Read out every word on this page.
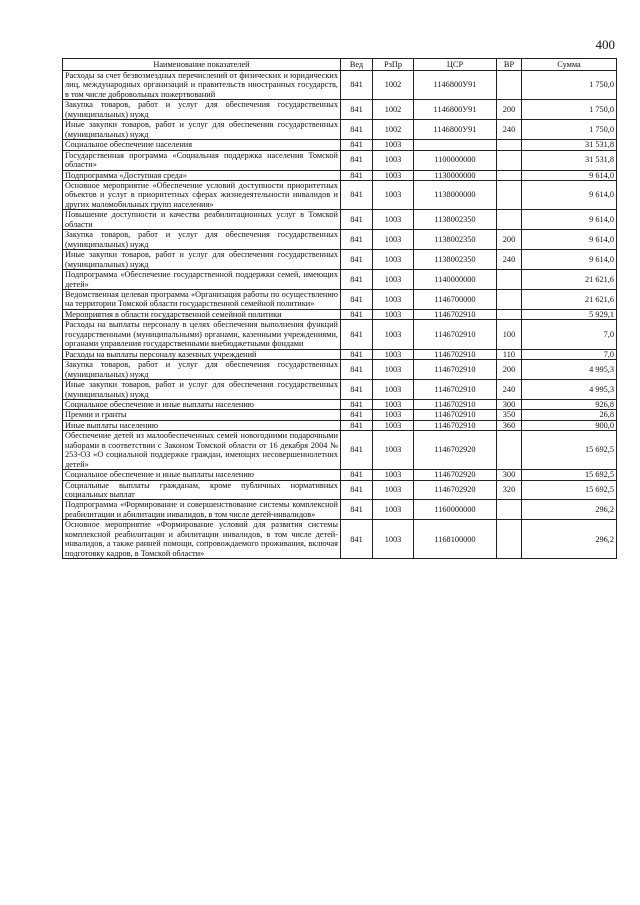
400
Наименование показателей	Вед	РзПр	ЦСР	ВР	Сумма
Расходы за счет безвозмездных перечислений от физических и юридических лиц, международных организаций и правительств иностранных государств, в том числе добровольных пожертвований	841	1002	1146800У91		1 750,0
Закупка товаров, работ и услуг для обеспечения государственных (муниципальных) нужд	841	1002	1146800У91	200	1 750,0
Иные закупки товаров, работ и услуг для обеспечения государственных (муниципальных) нужд	841	1002	1146800У91	240	1 750,0
Социальное обеспечение населения	841	1003			31 531,8
Государственная программа «Социальная поддержка населения Томской области»	841	1003	1100000000		31 531,8
Подпрограмма «Доступная среда»	841	1003	1130000000		9 614,0
Основное мероприятие «Обеспечение условий доступности приоритетных объектов и услуг в приоритетных сферах жизнедеятельности инвалидов и других маломобильных групп населения»	841	1003	1138000000		9 614,0
Повышение доступности и качества реабилитационных услуг в Томской области	841	1003	1138002350		9 614,0
Закупка товаров, работ и услуг для обеспечения государственных (муниципальных) нужд	841	1003	1138002350	200	9 614,0
Иные закупки товаров, работ и услуг для обеспечения государственных (муниципальных) нужд	841	1003	1138002350	240	9 614,0
Подпрограмма «Обеспечение государственной поддержки семей, имеющих детей»	841	1003	1140000000		21 621,6
Ведомственная целевая программа «Организация работы по осуществлению на территории Томской области государственной семейной политики»	841	1003	1146700000		21 621,6
Мероприятия в области государственной семейной политики	841	1003	1146702910		5 929,1
Расходы на выплаты персоналу в целях обеспечения выполнения функций государственными (муниципальными) органами, казенными учреждениями, органами управления государственными внебюджетными фондами	841	1003	1146702910	100	7,0
Расходы на выплаты персоналу казенных учреждений	841	1003	1146702910	110	7,0
Закупка товаров, работ и услуг для обеспечения государственных (муниципальных) нужд	841	1003	1146702910	200	4 995,3
Иные закупки товаров, работ и услуг для обеспечения государственных (муниципальных) нужд	841	1003	1146702910	240	4 995,3
Социальное обеспечение и иные выплаты населению	841	1003	1146702910	300	926,8
Премии и гранты	841	1003	1146702910	350	26,8
Иные выплаты населению	841	1003	1146702910	360	900,0
Обеспечение детей из малообеспеченных семей новогодними подарочными наборами в соответствии с Законом Томской области от 16 декабря 2004 № 253-ОЗ «О социальной поддержке граждан, имеющих несовершеннолетних детей»	841	1003	1146702920		15 692,5
Социальное обеспечение и иные выплаты населению	841	1003	1146702920	300	15 692,5
Социальные выплаты гражданам, кроме публичных нормативных социальных выплат	841	1003	1146702920	320	15 692,5
Подпрограмма «Формирование и совершенствование системы комплексной реабилитации и абилитации инвалидов, в том числе детей-инвалидов»	841	1003	1160000000		296,2
Основное мероприятие «Формирование условий для развития системы комплексной реабилитации и абилитации инвалидов, в том числе детей-инвалидов, а также ранней помощи, сопровождаемого проживания, включая подготовку кадров, в Томской области»	841	1003	1168100000		296,2
